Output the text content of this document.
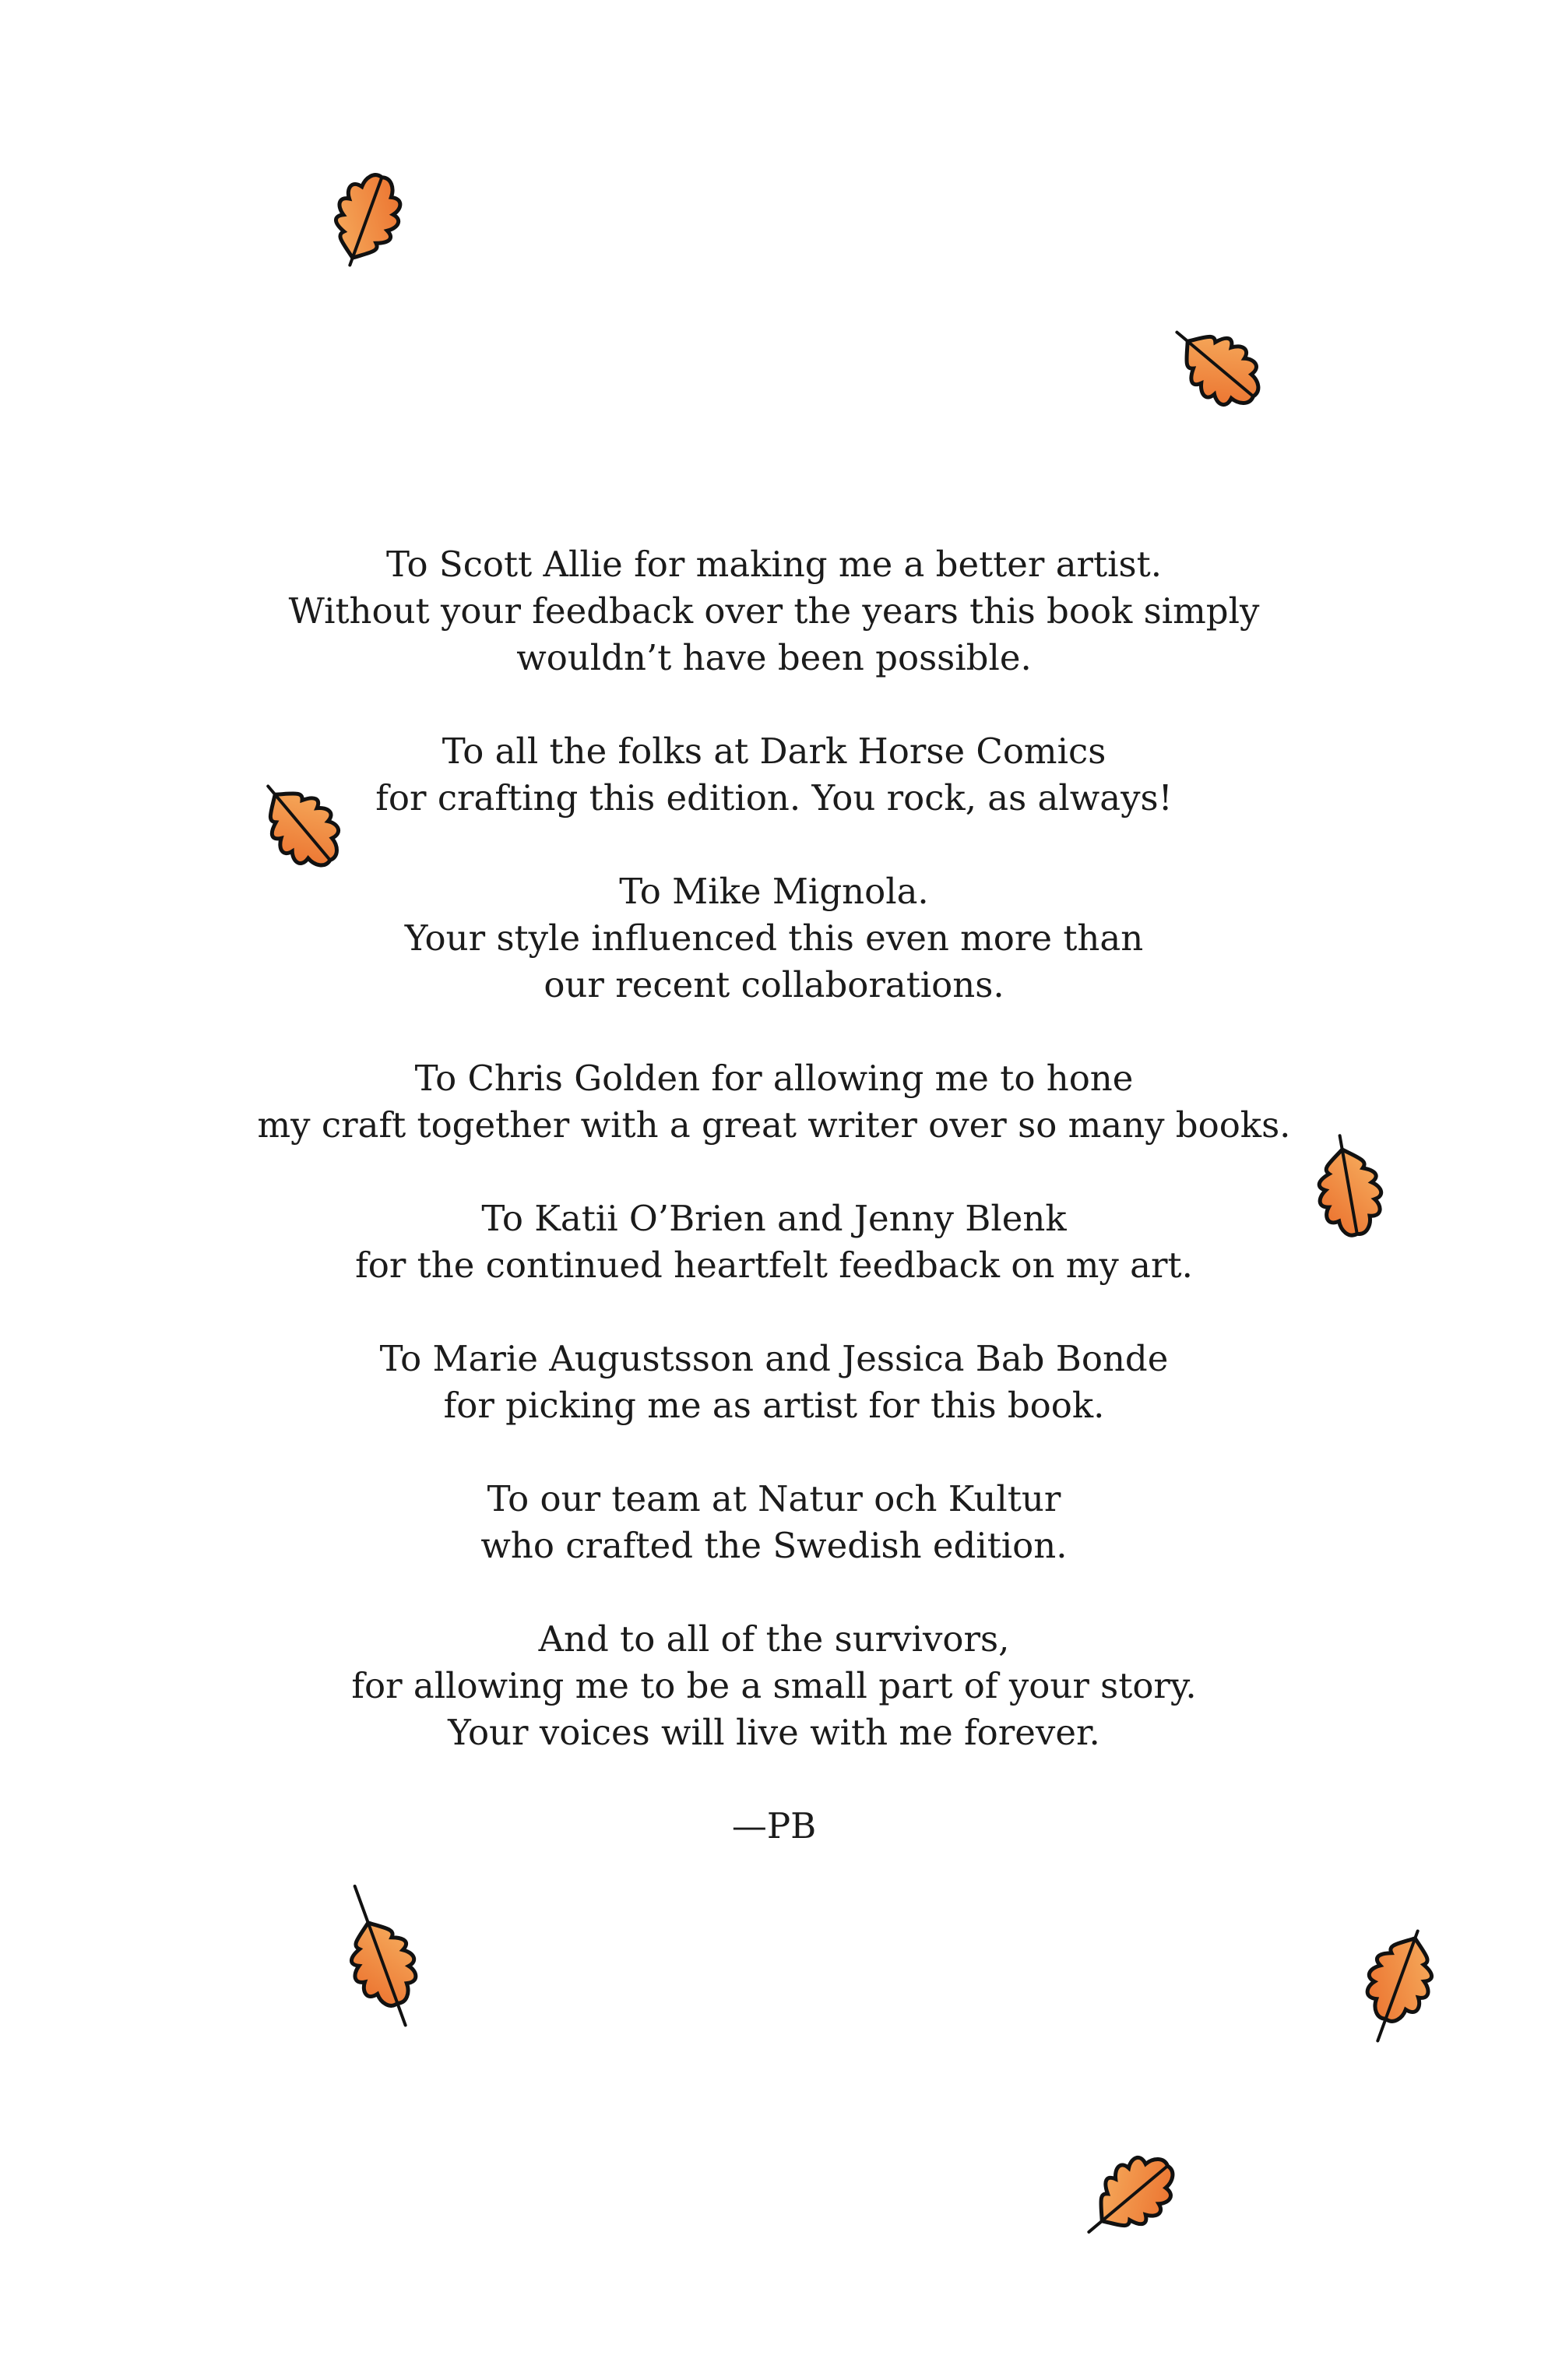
To Scott Allie for making me a better artist.
Without your feedback over the years this book simply
wouldn’t have been possible.
To all the folks at Dark Horse Comics
for crafting this edition. You rock, as always!
To Mike Mignola.
Your style influenced this even more than
our recent collaborations.
To Chris Golden for allowing me to hone
my craft together with a great writer over so many books.
To Katii O’Brien and Jenny Blenk
for the continued heartfelt feedback on my art.
To Marie Augustsson and Jessica Bab Bonde
for picking me as artist for this book.
To our team at Natur och Kultur
who crafted the Swedish edition.
And to all of the survivors,
for allowing me to be a small part of your story.
Your voices will live with me forever.
—PB
